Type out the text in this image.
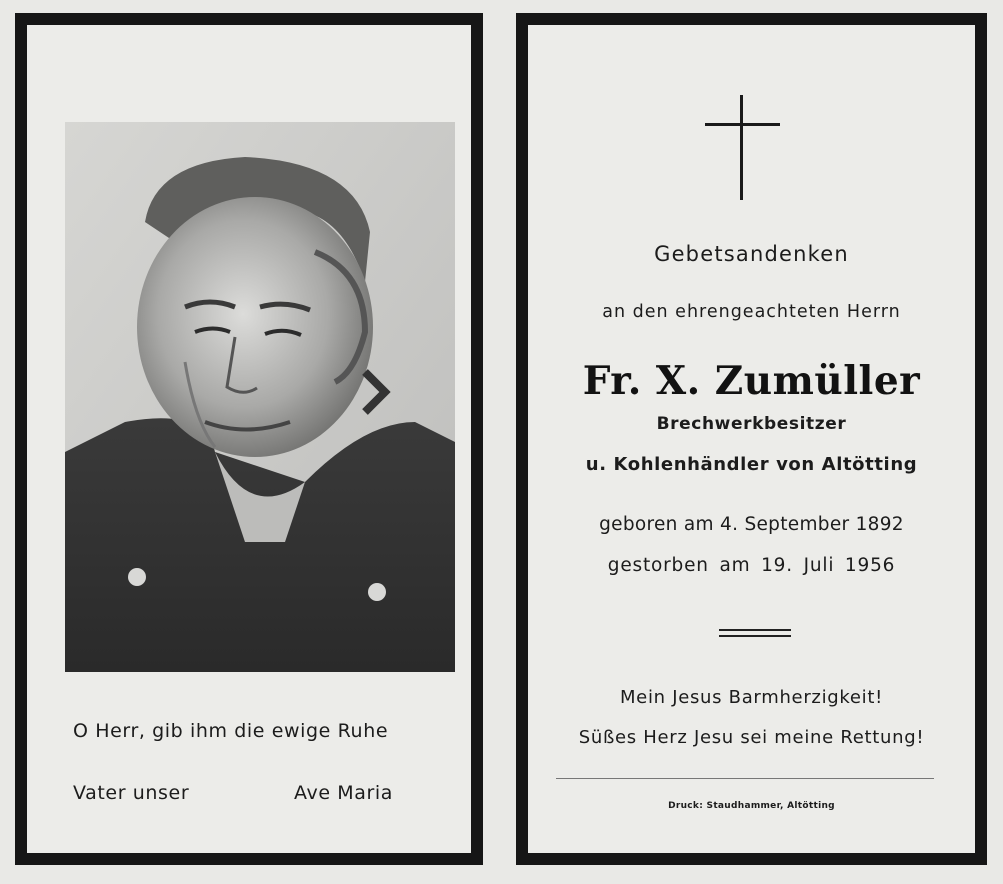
O Herr, gib ihm die ewige Ruhe
Vater unser	Ave Maria
Gebetsandenken
an den ehrengeachteten Herrn
Fr. X. Zumüller
Brechwerkbesitzer
u. Kohlenhändler von Altötting
geboren am 4. September 1892
gestorben am 19. Juli 1956
Mein Jesus Barmherzigkeit!
Süßes Herz Jesu sei meine Rettung!
Druck: Staudhammer, Altötting
